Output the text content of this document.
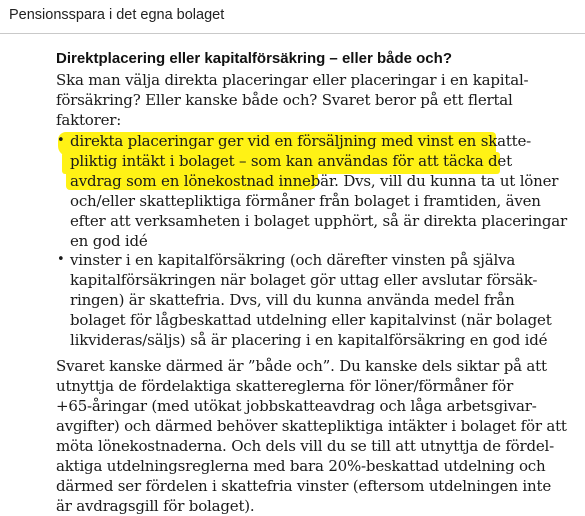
Pensionsspara i det egna bolaget
Direktplacering eller kapitalförsäkring – eller både och?
Ska man välja direkta placeringar eller placeringar i en kapital-
försäkring? Eller kanske både och? Svaret beror på ett flertal
faktorer:
• direkta placeringar ger vid en försäljning med vinst en skatte-
pliktig intäkt i bolaget – som kan användas för att täcka det
avdrag som en lönekostnad innebär. Dvs, vill du kunna ta ut löner
och/eller skattepliktiga förmåner från bolaget i framtiden, även
efter att verksamheten i bolaget upphört, så är direkta placeringar
en god idé
• vinster i en kapitalförsäkring (och därefter vinsten på själva
kapitalförsäkringen när bolaget gör uttag eller avslutar försäk-
ringen) är skattefria. Dvs, vill du kunna använda medel från
bolaget för lågbeskattad utdelning eller kapitalvinst (när bolaget
likvideras/säljs) så är placering i en kapitalförsäkring en god idé
Svaret kanske därmed är ”både och”. Du kanske dels siktar på att
utnyttja de fördelaktiga skattereglerna för löner/förmåner för
+65-åringar (med utökat jobbskatteavdrag och låga arbetsgivar-
avgifter) och därmed behöver skattepliktiga intäkter i bolaget för att
möta lönekostnaderna. Och dels vill du se till att utnyttja de fördel-
aktiga utdelningsreglerna med bara 20%-beskattad utdelning och
därmed ser fördelen i skattefria vinster (eftersom utdelningen inte
är avdragsgill för bolaget).
